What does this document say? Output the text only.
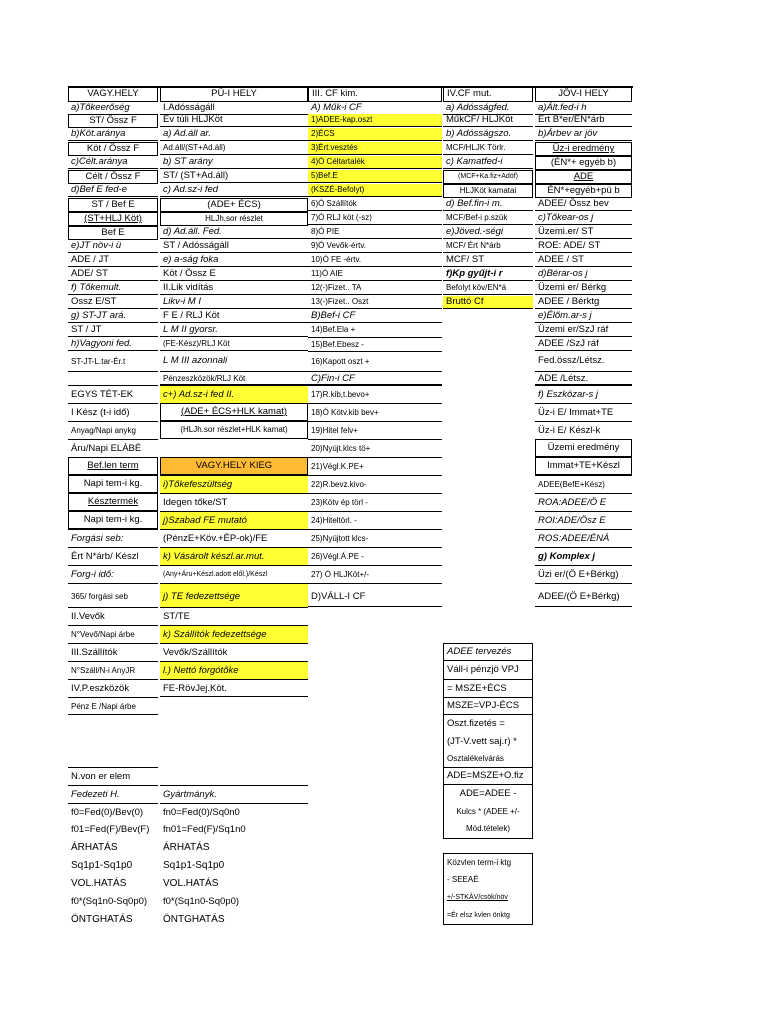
VAGY.HELY
a)Tőkeerőség
ST/ Össz F
b)Köt.aránya
Köt / Össz F
c)Célt.aránya
Célt / Össz F
d)Bef E fed-e
ST / Bef E
(ST+HLJ Köt)
Bef E
e)JT növ-i ü
ADE / JT
ADE/ ST
f) Tőkemult.
Ossz E/ST
g) ST-JT ará.
ST / JT
h)Vagyoni fed.
ST-JT-L.tar-Ér.t
EGYS TÉT-EK
I Kész (t-i idő)
Anyag/Napi anykg
Áru/Napi ELÁBÉ
Bef.len term
Napi tem-i kg.
Késztermék
Napi tem-i kg.
Forgási seb:
Ért N*árb/ Készl
Forg-i idő:
365/ forgási seb
II.Vevők
N°Vevő/Napi árbe
III.Szállítók
N°Száll/N-i AnyJR
IV.P.eszközök
Pénz E /Napi árbe
N.von er elem
Fedezeti H.
f0=Fed(0)/Bev(0)
f01=Fed(F)/Bev(F)
ÁRHATÁS
Sq1p1-Sq1p0
VOL.HATÁS
f0*(Sq1n0-Sq0p0)
ÖNTGHATÁS
PÜ-I HELY
I.Adósságáll
Év túli HLJKöt
a) Ad.áll ar.
Ad.áll/(ST+Ad.áll)
b) ST arány
ST/ (ST+Ad.áll)
c) Ad.sz-i fed
(ADE+ ÉCS)
HLJh.sor részlet
d) Ad.áll. Fed.
ST / Adósságáll
e) a-ság foka
Köt / Össz E
II.Lik vidítás
Likv-i M I
F E / RLJ Köt
L M II gyorsr.
(FE-Kész)/RLJ Köt
L M III azonnali
Pénzeszközök/RLJ Köt
c+) Ad.sz-i fed II.
(ADE+ ÉCS+HLK kamat)
(HLJh.sor részlet+HLK kamat)
VAGY.HELY KIEG
i)Tőkefeszültség
Idegen tőke/ST
j)Szabad FE mutató
(PénzE+Köv.+ÉP-ok)/FE
k) Vásárolt készl.ar.mut.
(Any+Áru+Készl.adott elől.)/Készl
j) TE fedezettsége
ST/TE
k) Szállítók fedezettsége
Vevők/Szállítók
l.) Nettó forgótőke
FE-RövJej.Köt.
Gyártmányk.
fn0=Fed(0)/Sq0n0
fn01=Fed(F)/Sq1n0
ÁRHATÁS
Sq1p1-Sq1p0
VOL.HATÁS
f0*(Sq1n0-Sq0p0)
ÖNTGHATÁS
III. CF kim.
A) Műk-i CF
1)ADEE-kap.oszt
2)ÉCS
3)Ért.vesztés
4)Ó Céltartalék
5)Bef.E
(KSZÉ-Befolyt)
6)Ó Szállítók
7)Ó RLJ köt (-sz)
8)Ó PIE
9)Ó Vevők-értv.
10)Ó FE -értv.
11)Ó AIE
12(-)Fizet.. TA
13(-)Fizet.. Oszt
B)Bef-i CF
14)Bef.Ela +
15)Bef.Ebesz -
16)Kapott oszt +
C)Fin-i CF
17)R.kib,t.bevo+
18)Ó Kötv.kib bev+
19)Hitel felv+
20)Nyújt.klcs tö+
21)Végl.K.PE+
22)R.bevz.kivo-
23)Kötv ép törl -
24)Hiteltörl. -
25)Nyújtott klcs-
26)Végl.Á.PE -
27) Ó HLJKöt+/-
D)VÁLL-I CF
IV.CF mut.
a) Adósságfed.
MűkCF/ HLJKöt
b) Adósságszo.
MCF/HLJK Törlr.
c) Kamatfed-i
(MCF+Ka.fiz+Adóf)
HLJKöt kamatai
d) Bef.fin-i m.
MCF/Bef-i p.szük
e)Jöved.-ségi
MCF/ Ért N*árb
MCF/ ST
f)Kp gyűjt-i r
Befolyt köv/EN*á
Bruttó Cf
ADEE tervezés
Váll-i pénzjö VPJ
= MSZE+ÉCS
MSZE=VPJ-ÉCS
Oszt.fizetés =
(JT-V.vett saj.r) *
Osztalékelvárás
ADE=MSZE+O.fiz
ADE=ADEE -
Kulcs * (ADEE +/-
Mód.tételek)
Közvlen term-i ktg
- SEEAÉ
+/-STKÁV/csök/növ
=Ér elsz kvlen önktg
JÖV-I HELY
a)Ált.fed-i h
Ért B*er/EN*árb
b)Árbev ar jöv
Üz-i eredmény
(ÉN*+ egyéb b)
ADE
ÉN*+egyéb+pü b
ADEE/ Össz bev
c)Tőkear-os j
Üzemi.er/ ST
ROE: ADE/ ST
ADEE / ST
d)Bérar-os j
Üzemi er/ Bérkg
ADEE / Bérktg
e)Élőm.ar-s j
Üzemi er/SzJ ráf
ADEE /SzJ ráf
Fed.össz/Létsz.
ADE /Létsz.
f) Eszközar-s j
Üz-i E/ Immat+TE
Üz-i E/ Készl-k
Üzemi eredmény
Immat+TE+Készl
ADEE(BefE+Kész)
ROA:ADEE/Ö E
ROI:ADE/Ösz E
ROS:ADEE/ÉNÁ
g) Komplex j
Üzi er/(Ö E+Bérkg)
ADEE/(Ö E+Bérkg)
